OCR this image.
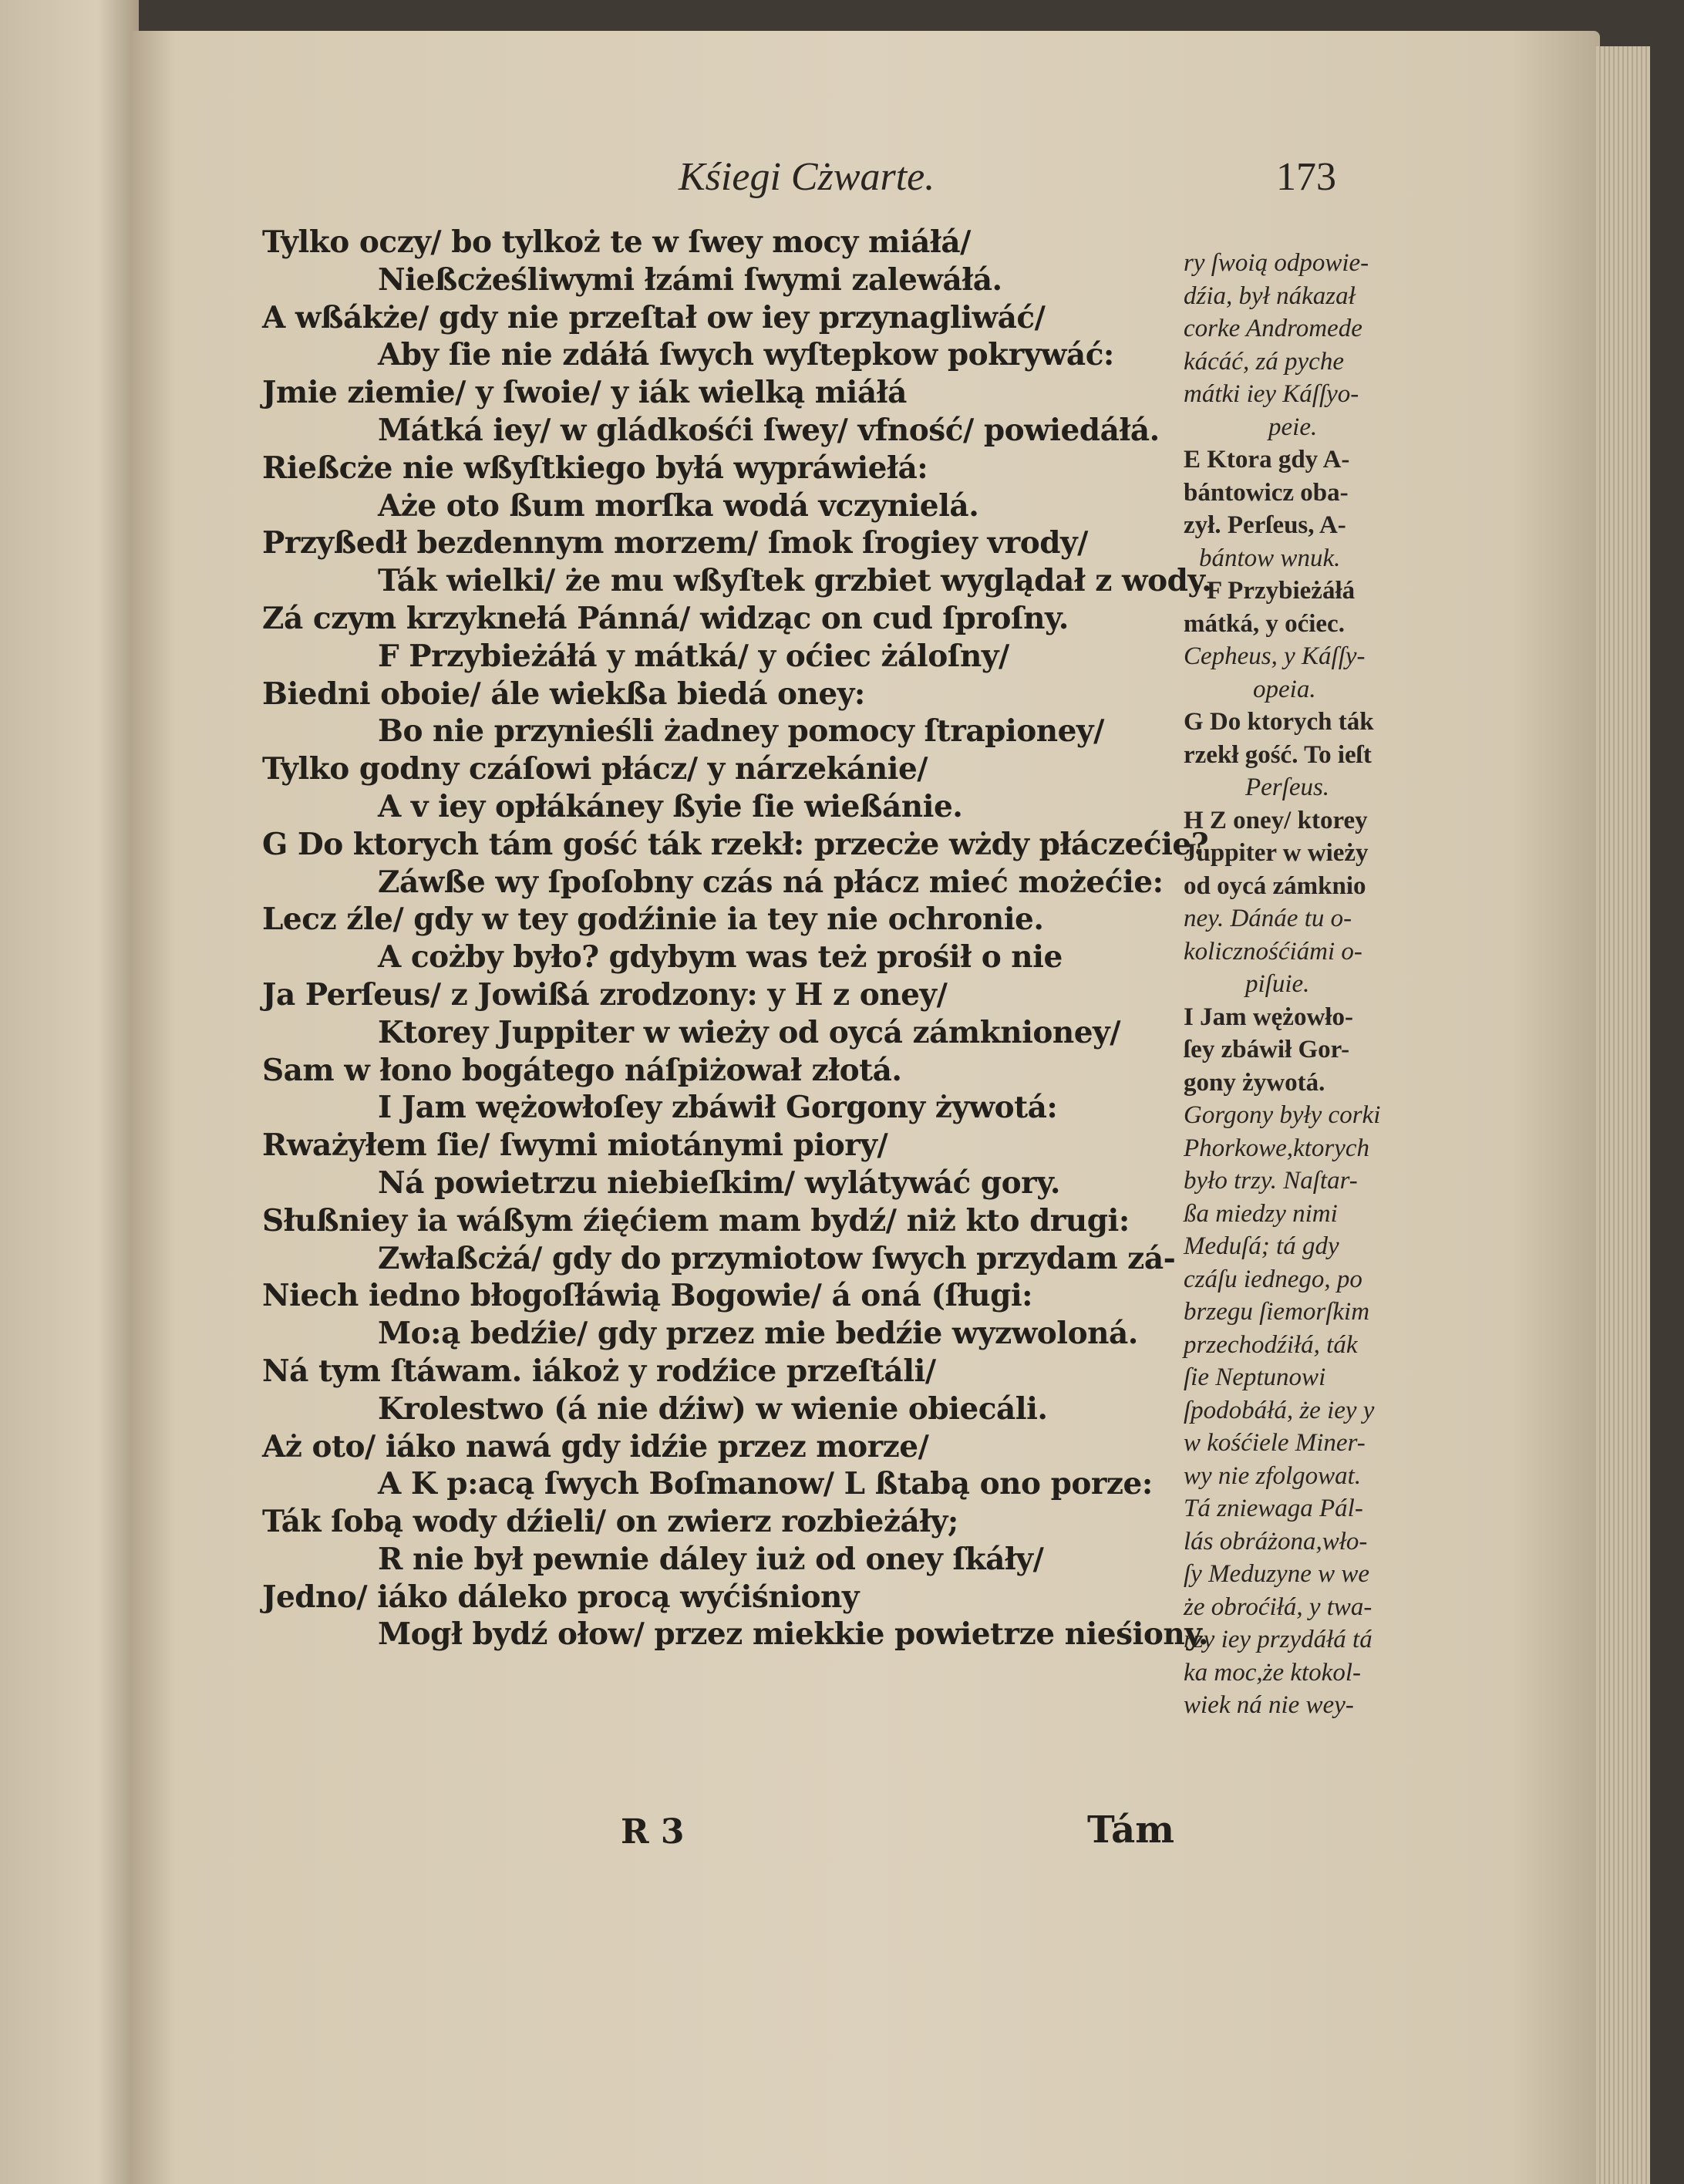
Kśiegi Cżwarte.	173
Tylko oczy/ bo tylkoż te w ſwey mocy miáłá/
Nießcżeśliwymi łzámi ſwymi zalewáłá.
A wßákże/ gdy nie przeſtał ow iey przynagliwáć/
Aby ſie nie zdáłá ſwych wyſtepkow pokrywáć:
Jmie ziemie/ y ſwoie/ y iák wielką miáłá
Mátká iey/ w gládkośći ſwey/ vfność/ powiedáłá.
Rießcże nie wßyſtkiego byłá wypráwiełá:
Aże oto ßum morſka wodá vczynielá.
Przyßedł bezdennym morzem/ ſmok ſrogiey vrody/
Ták wielki/ że mu wßyſtek grzbiet wyglądał z wody.
Zá czym krzyknełá Pánná/ widząc on cud ſproſny.
F Przybieżáłá y mátká/ y oćiec żáloſny/
Biedni oboie/ ále wiekßa biedá oney:
Bo nie przynieśli żadney pomocy ſtrapioney/
Tylko godny czáſowi płácz/ y nárzekánie/
A v iey opłákáney ßyie ſie wießánie.
G Do ktorych tám gość ták rzekł: przecże wżdy płáczećie?
Záwße wy ſpoſobny czás ná płácz mieć możećie:
Lecz źle/ gdy w tey godźinie ia tey nie ochronie.
A cożby było? gdybym was też prośił o nie
Ja Perſeus/ z Jowißá zrodzony: y H z oney/
Ktorey Juppiter w wieży od oycá zámknioney/
Sam w łono bogátego náſpiżował złotá.
I Jam wężowłoſey zbáwił Gorgony żywotá:
Rważyłem ſie/ ſwymi miotánymi piory/
Ná powietrzu niebieſkim/ wylátywáć gory.
Słußniey ia wáßym źięćiem mam bydź/ niż kto drugi:
Zwłaßcżá/ gdy do przymiotow ſwych przydam zá-
Niech iedno błogoſłáwią Bogowie/ á oná (ſługi:
Mo:ą bedźie/ gdy przez mie bedźie wyzwoloná.
Ná tym ſtáwam. iákoż y rodźice przeſtáli/
Krolestwo (á nie dźiw) w wienie obiecáli.
Aż oto/ iáko nawá gdy idźie przez morze/
A K p:acą ſwych Boſmanow/ L ßtabą ono porze:
Ták ſobą wody dźieli/ on zwierz rozbieżáły;
R nie był pewnie dáley iuż od oney ſkáły/
Jedno/ iáko dáleko procą wyćiśniony
Mogł bydź ołow/ przez miekkie powietrze nieśiony.
ry ſwoią odpowie-
dźia, był nákazał
corke Andromede
kácáć, zá pyche
mátki iey Káſſyo-
peie.
E Ktora gdy A-
bántowicz oba-
zył. Perſeus, A-
bántow wnuk.
F Przybieżáłá
mátká, y oćiec.
Cepheus, y Káſſy-
opeia.
G Do ktorych ták
rzekł gość. To ieſt
Perſeus.
H Z oney/ ktorey
Juppiter w wieży
od oycá zámknio
ney. Dánáe tu o-
kolicznośćiámi o-
piſuie.
I Jam wężowło-
ſey zbáwił Gor-
gony żywotá.
Gorgony były corki
Phorkowe,ktorych
było trzy. Naſtar-
ßa miedzy nimi
Meduſá; tá gdy
czáſu iednego, po
brzegu ſiemorſkim
przechodźiłá, ták
ſie Neptunowi
ſpodobáłá, że iey y
w kośćiele Miner-
wy nie zfolgowat.
Tá zniewaga Pál-
lás obráżona,wło-
ſy Meduzyne w we
że obroćiłá, y twa-
rzy iey przydáłá tá
ka moc,że ktokol-
wiek ná nie wey-
R 3	Tám
